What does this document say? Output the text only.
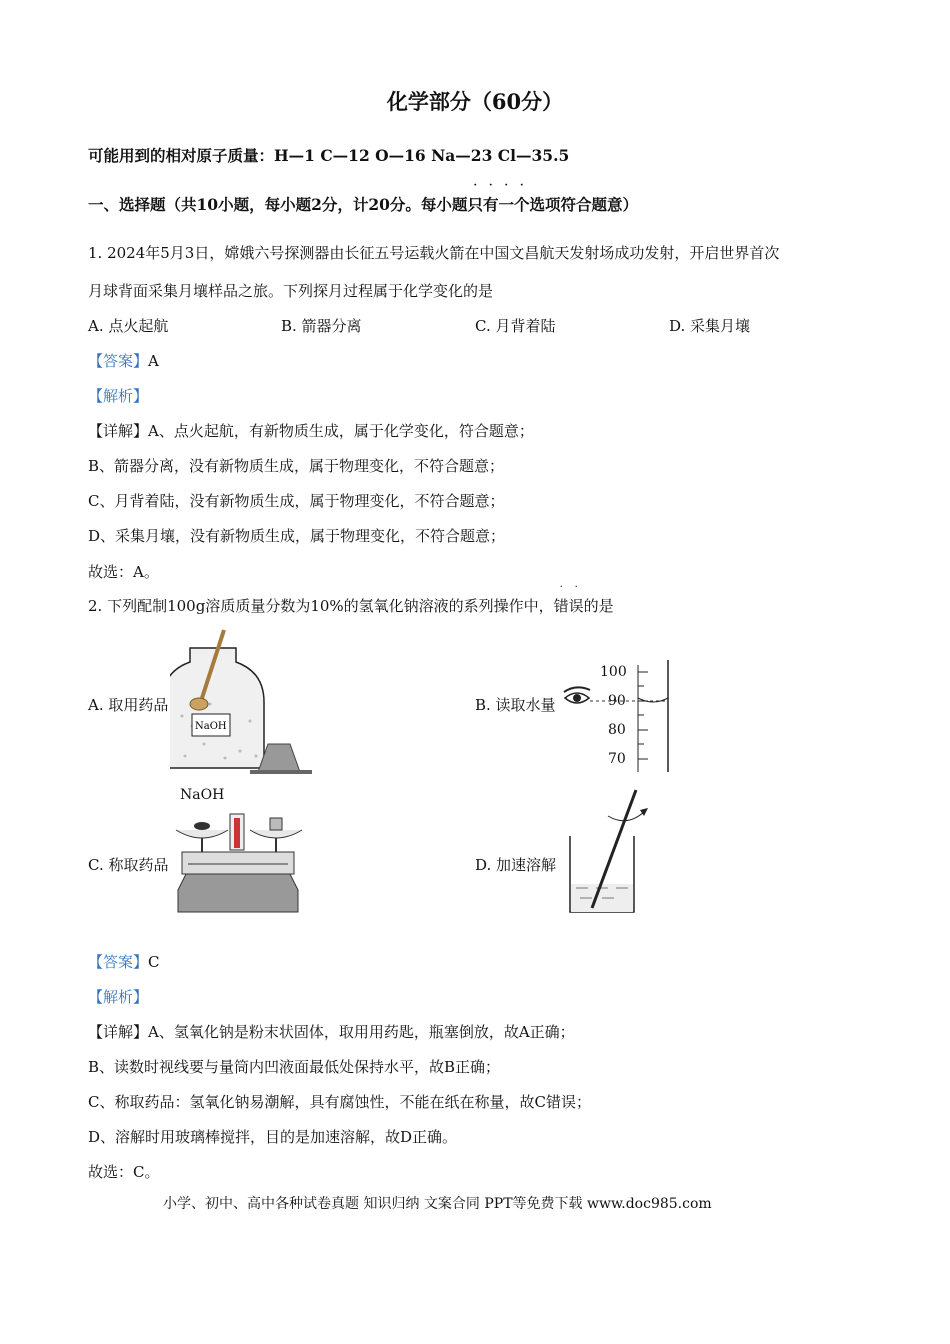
化学部分（60分）
可能用到的相对原子质量：H—1 C—12 O—16 Na—23 Cl—35.5
一、选择题（共10小题，每小题2分，计20分。每小题
· · · ·
只有一个选项符合题意）
1. 2024年5月3日，嫦娥六号探测器由长征五号运载火箭在中国文昌航天发射场成功发射，开启世界首次
月球背面采集月壤样品之旅。下列探月过程属于化学变化的是
A. 点火起航	B. 箭器分离	C. 月背着陆	D. 采集月壤
【答案】A
【解析】
【详解】A、点火起航，有新物质生成，属于化学变化，符合题意；
B、箭器分离，没有新物质生成，属于物理变化，不符合题意；
C、月背着陆，没有新物质生成，属于物理变化，不符合题意；
D、采集月壤，没有新物质生成，属于物理变化，不符合题意；
故选：A。
2. 下列配制100g溶质质量分数为10%的氢氧化钠溶液的系列操作中，
· ·
错误的是
A. 取用药品	B. 读取水量
C. 称取药品	D. 加速溶解
NaOH
100
90
80
70
NaOH
【答案】C
【解析】
【详解】A、氢氧化钠是粉末状固体，取用用药匙，瓶塞倒放，故A正确；
B、读数时视线要与量筒内凹液面最低处保持水平，故B正确；
C、称取药品：氢氧化钠易潮解，具有腐蚀性，不能在纸在称量，故C错误；
D、溶解时用玻璃棒搅拌，目的是加速溶解，故D正确。
故选：C。
小学、初中、高中各种试卷真题 知识归纳 文案合同 PPT等免费下载 www.doc985.com
